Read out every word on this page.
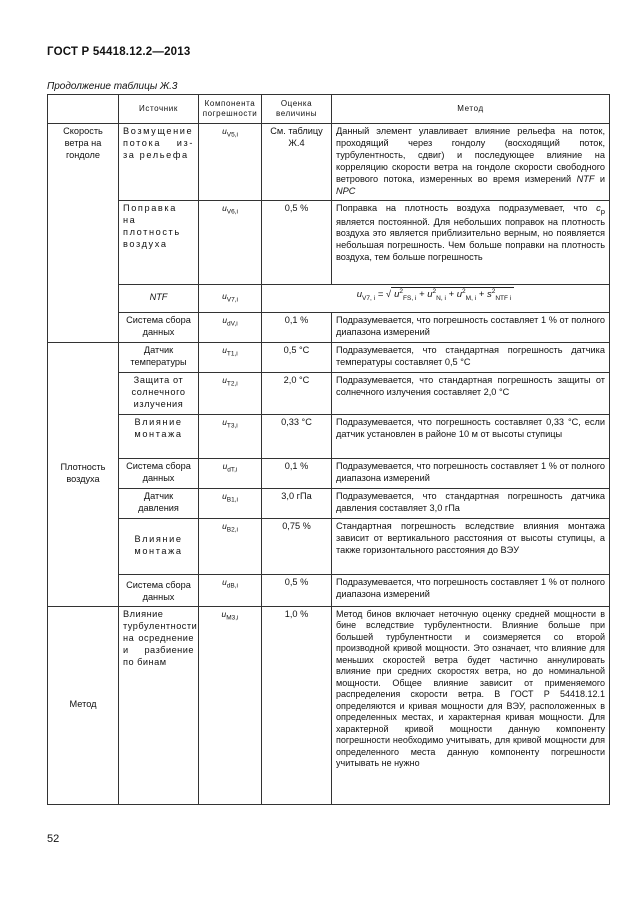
ГОСТ Р 54418.12.2—2013
Продолжение таблицы Ж.3
	Источник	Компонента погрешности	Оценка величины	Метод
Скорость ветра на гондоле	Возмущение потока из-за рельефа	$u_{V5,i}$	См. таблицу Ж.4	Данный элемент улавливает влияние рельефа на поток, проходящий через гондолу (восходящий поток, турбулентность, сдвиг) и последующее влияние на корреляцию скорости ветра на гондоле скорости свободного ветрового потока, измеренных во время измерений NTF и NPC
	Поправка на плотность воздуха	$u_{V6,i}$	0,5 %	Поправка на плотность воздуха подразумевает, что $c_p$ является постоянной. Для небольших поправок на плотность воздуха это является приблизительно верным, но появляется небольшая погрешность. Чем больше поправки на плотность воздуха, тем больше погрешность
	NTF	$u_{V7,i}$	$u_{V7, i}$ = √ $u^2_{FS, i} + u^2_{N, i} + u^2_{M, i} + s^2_{NTF i}$
	Система сбора данных	$u_{dV,i}$	0,1 %	Подразумевается, что погрешность составляет 1 % от полного диапазона измерений
Плотность воздуха	Датчик температуры	$u_{T1,i}$	0,5 °C	Подразумевается, что стандартная погрешность датчика температуры составляет 0,5 °C
	Защита от солнечного излучения	$u_{T2,i}$	2,0 °C	Подразумевается, что стандартная погрешность защиты от солнечного излучения составляет 2,0 °C
	Влияние монтажа	$u_{T3,i}$	0,33 °C	Подразумевается, что погрешность составляет 0,33 °C, если датчик установлен в районе 10 м от высоты ступицы
	Система сбора данных	$u_{dT,i}$	0,1 %	Подразумевается, что погрешность составляет 1 % от полного диапазона измерений
	Датчик давления	$u_{B1,i}$	3,0 гПа	Подразумевается, что стандартная погрешность датчика давления составляет 3,0 гПа
	Влияние монтажа	$u_{B2,i}$	0,75 %	Стандартная погрешность вследствие влияния монтажа зависит от вертикального расстояния от высоты ступицы, а также горизонтального расстояния до ВЭУ
	Система сбора данных	$u_{dB,i}$	0,5 %	Подразумевается, что погрешность составляет 1 % от полного диапазона измерений
Метод	Влияние турбулентности на осреднение и разбиение по бинам	$u_{M3,i}$	1,0 %	Метод бинов включает неточную оценку средней мощности в бине вследствие турбулентности. Влияние больше при большей турбулентности и соизмеряется со второй производной кривой мощности. Это означает, что влияние для меньших скоростей ветра будет частично аннулировать влияние при средних скоростях ветра, но до номинальной мощности. Общее влияние зависит от применяемого распределения скорости ветра. В ГОСТ Р 54418.12.1 определяются и кривая мощности для ВЭУ, расположенных в определенных местах, и характерная кривая мощности. Для характерной кривой мощности данную компоненту погрешности необходимо учитывать, для кривой мощности для определенного места данную компоненту погрешности учитывать не нужно
52
